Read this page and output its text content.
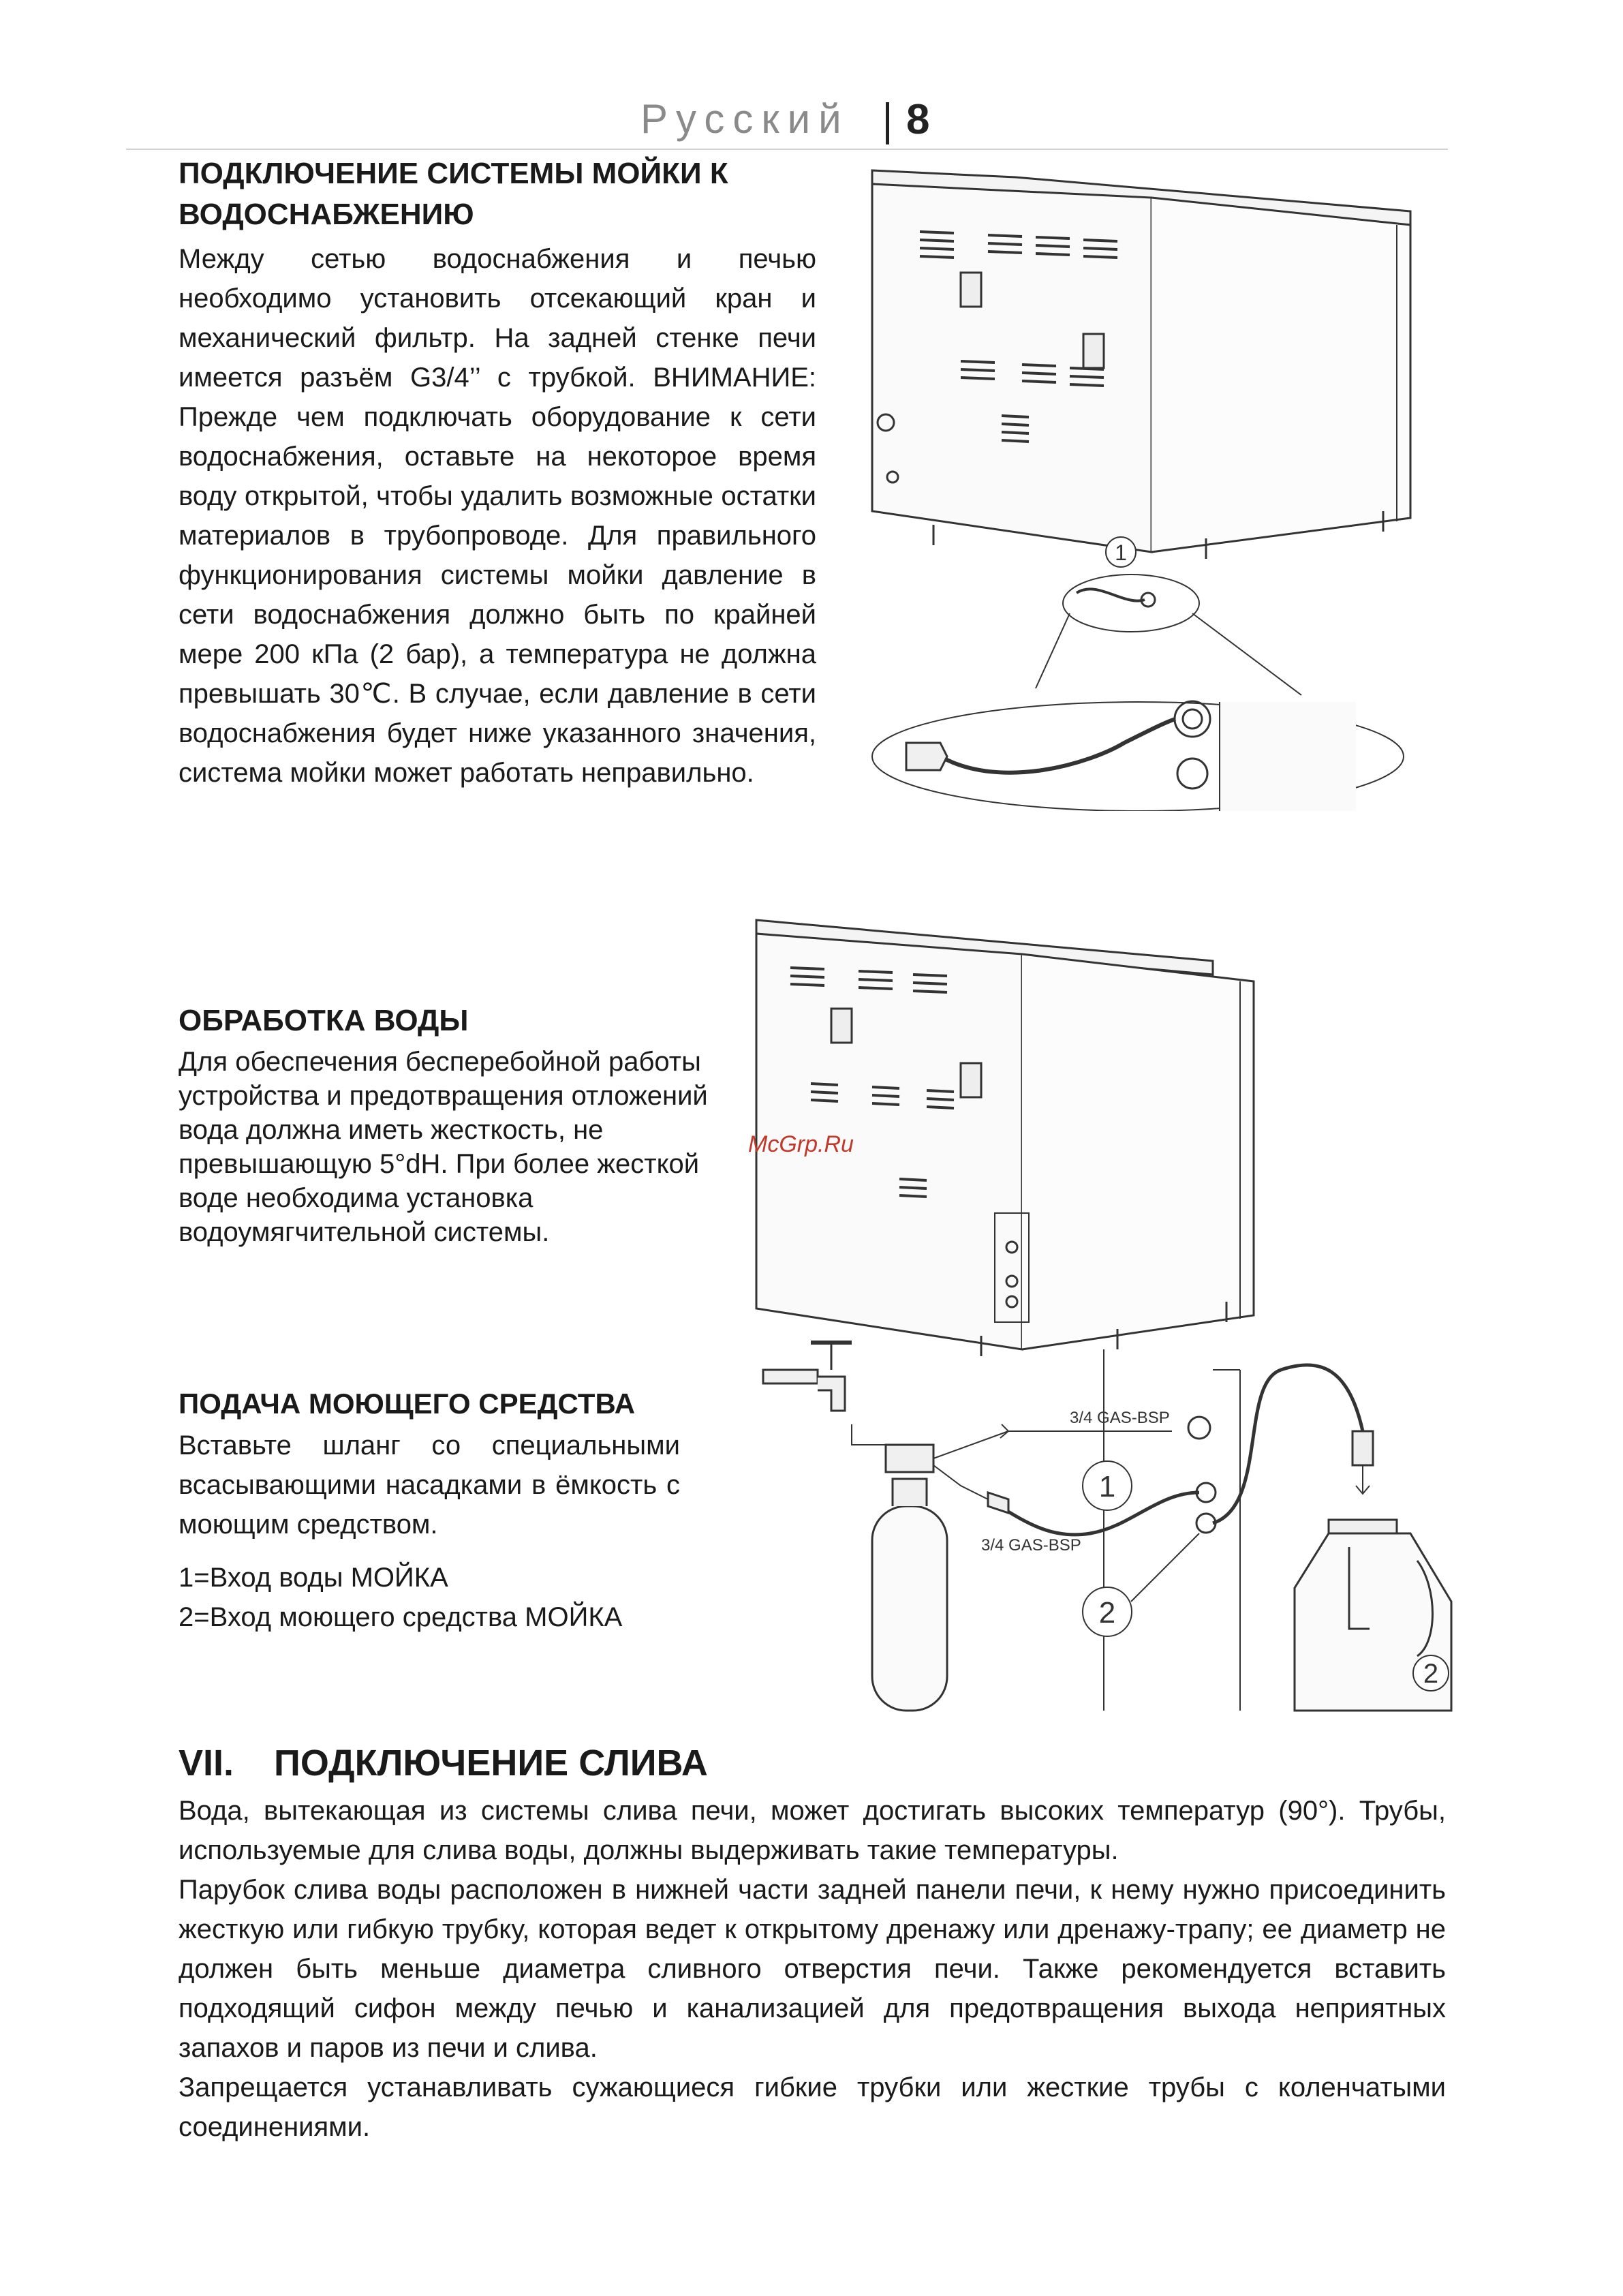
Русский 8
ПОДКЛЮЧЕНИЕ СИСТЕМЫ МОЙКИ К ВОДОСНАБЖЕНИЮ
Между сетью водоснабжения и печью необходимо установить отсекающий кран и механический фильтр. На задней стенке печи имеется разъём G3/4’’ с трубкой. ВНИМАНИЕ: Прежде чем подключать оборудование к сети водоснабжения, оставьте на некоторое время воду открытой, чтобы удалить возможные остатки материалов в трубопроводе. Для правильного функционирования системы мойки давление в сети водоснабжения должно быть по крайней мере 200 кПа (2 бар), а температура не должна превышать 30℃. В случае, если давление в сети водоснабжения будет ниже указанного значения, система мойки может работать неправильно.
1
ОБРАБОТКА ВОДЫ
Для обеспечения бесперебойной работы устройства и предотвращения отложений вода должна иметь жесткость, не превышающую 5°dH. При более жесткой воде необходима установка водоумягчительной системы.
3/4 GAS-BSP
3/4 GAS-BSP
1
2
2
McGrp.Ru
ПОДАЧА МОЮЩЕГО СРЕДСТВА
Вставьте шланг со специальными всасывающими насадками в ёмкость с моющим средством.
1=Вход воды МОЙКА
2=Вход моющего средства МОЙКА
VII. ПОДКЛЮЧЕНИЕ СЛИВА

Вода, вытекающая из системы слива печи, может достигать высоких температур (90°). Трубы, используемые для слива воды, должны выдерживать такие температуры.

Парубок слива воды расположен в нижней части задней панели печи, к нему нужно присоединить жесткую или гибкую трубку, которая ведет к открытому дренажу или дренажу-трапу; ее диаметр не должен быть меньше диаметра сливного отверстия печи. Также рекомендуется вставить подходящий сифон между печью и канализацией для предотвращения выхода неприятных запахов и паров из печи и слива.

Запрещается устанавливать сужающиеся гибкие трубки или жесткие трубы с коленчатыми соединениями.
